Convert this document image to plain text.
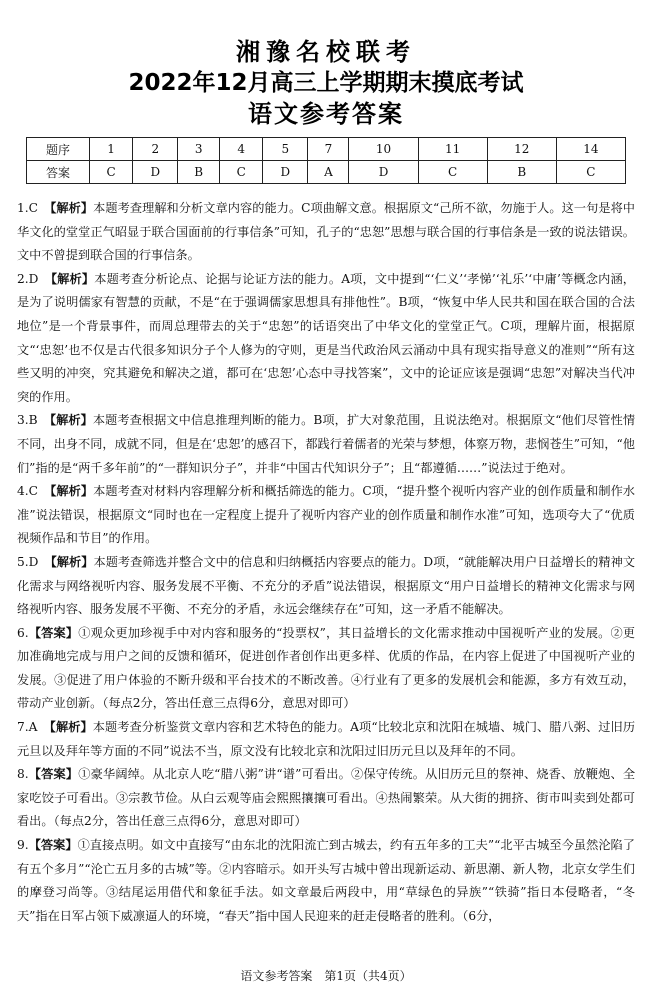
湘豫名校联考
2022年12月高三上学期期末摸底考试
语文参考答案
题序	1	2	3	4	5	7	10	11	12	14
答案	C	D	B	C	D	A	D	C	B	C

1.C　 【解析】本题考查理解和分析文章内容的能力。C项曲解文意。根据原文“己所不欲，勿施于人。这一句是将中华文化的堂堂正气昭显于联合国面前的行事信条”可知，孔子的“忠恕”思想与联合国的行事信条是一致的说法错误。文中不曾提到联合国的行事信条。

2.D　 【解析】本题考查分析论点、论据与论证方法的能力。A项，文中提到“‘仁义’‘孝悌’‘礼乐’‘中庸’等概念内涵，是为了说明儒家有智慧的贡献，不是“在于强调儒家思想具有排他性”。B项，“恢复中华人民共和国在联合国的合法地位”是一个背景事件，而周总理带去的关于“忠恕”的话语突出了中华文化的堂堂正气。C项，理解片面，根据原文“‘忠恕’也不仅是古代很多知识分子个人修为的守则，更是当代政治风云涌动中具有现实指导意义的准则”“所有这些又明的冲突，究其避免和解决之道，都可在‘忠恕’心态中寻找答案”，文中的论证应该是强调“忠恕”对解决当代冲突的作用。

3.B　 【解析】本题考查根据文中信息推理判断的能力。B项，扩大对象范围，且说法绝对。根据原文“他们尽管性情不同，出身不同，成就不同，但是在‘忠恕’的感召下，都践行着儒者的光荣与梦想，体察万物，悲悯苍生”可知，“他们”指的是“两千多年前”的“一群知识分子”，并非“中国古代知识分子”；且“都遵循……”说法过于绝对。

4.C　 【解析】本题考查对材料内容理解分析和概括筛选的能力。C项，“提升整个视听内容产业的创作质量和制作水准”说法错误，根据原文“同时也在一定程度上提升了视听内容产业的创作质量和制作水准”可知，选项夸大了“优质视频作品和节目”的作用。

5.D　 【解析】本题考查筛选并整合文中的信息和归纳概括内容要点的能力。D项，“就能解决用户日益增长的精神文化需求与网络视听内容、服务发展不平衡、不充分的矛盾”说法错误，根据原文“用户日益增长的精神文化需求与网络视听内容、服务发展不平衡、不充分的矛盾，永远会继续存在”可知，这一矛盾不能解决。

6.【答案】①观众更加珍视手中对内容和服务的“投票权”，其日益增长的文化需求推动中国视听产业的发展。②更加准确地完成与用户之间的反馈和循环，促进创作者创作出更多样、优质的作品，在内容上促进了中国视听产业的发展。③促进了用户体验的不断升级和平台技术的不断改善。④行业有了更多的发展机会和能源，多方有效互动，带动产业创新。（每点2分，答出任意三点得6分，意思对即可）

7.A　 【解析】本题考查分析鉴赏文章内容和艺术特色的能力。A项“比较北京和沈阳在城墙、城门、腊八粥、过旧历元旦以及拜年等方面的不同”说法不当，原文没有比较北京和沈阳过旧历元旦以及拜年的不同。

8.【答案】①豪华阔绰。从北京人吃“腊八粥”讲“谱”可看出。②保守传统。从旧历元旦的祭神、烧香、放鞭炮、全家吃饺子可看出。③宗教节俭。从白云观等庙会熙熙攘攘可看出。④热闹繁荣。从大街的拥挤、街市叫卖到处都可看出。（每点2分，答出任意三点得6分，意思对即可）

9.【答案】①直接点明。如文中直接写“由东北的沈阳流亡到古城去，约有五年多的工夫”“北平古城至今虽然沦陷了有五个多月”“沦亡五月多的古城”等。②内容暗示。如开头写古城中曾出现新运动、新思潮、新人物，北京女学生们的摩登习尚等。③结尾运用借代和象征手法。如文章最后两段中，用“草绿色的异族”“铁骑”指日本侵略者，“冬天”指在日军占领下威凛逼人的环境，“春天”指中国人民迎来的赶走侵略者的胜利。（6分，

语文参考答案　第1页（共4页）
